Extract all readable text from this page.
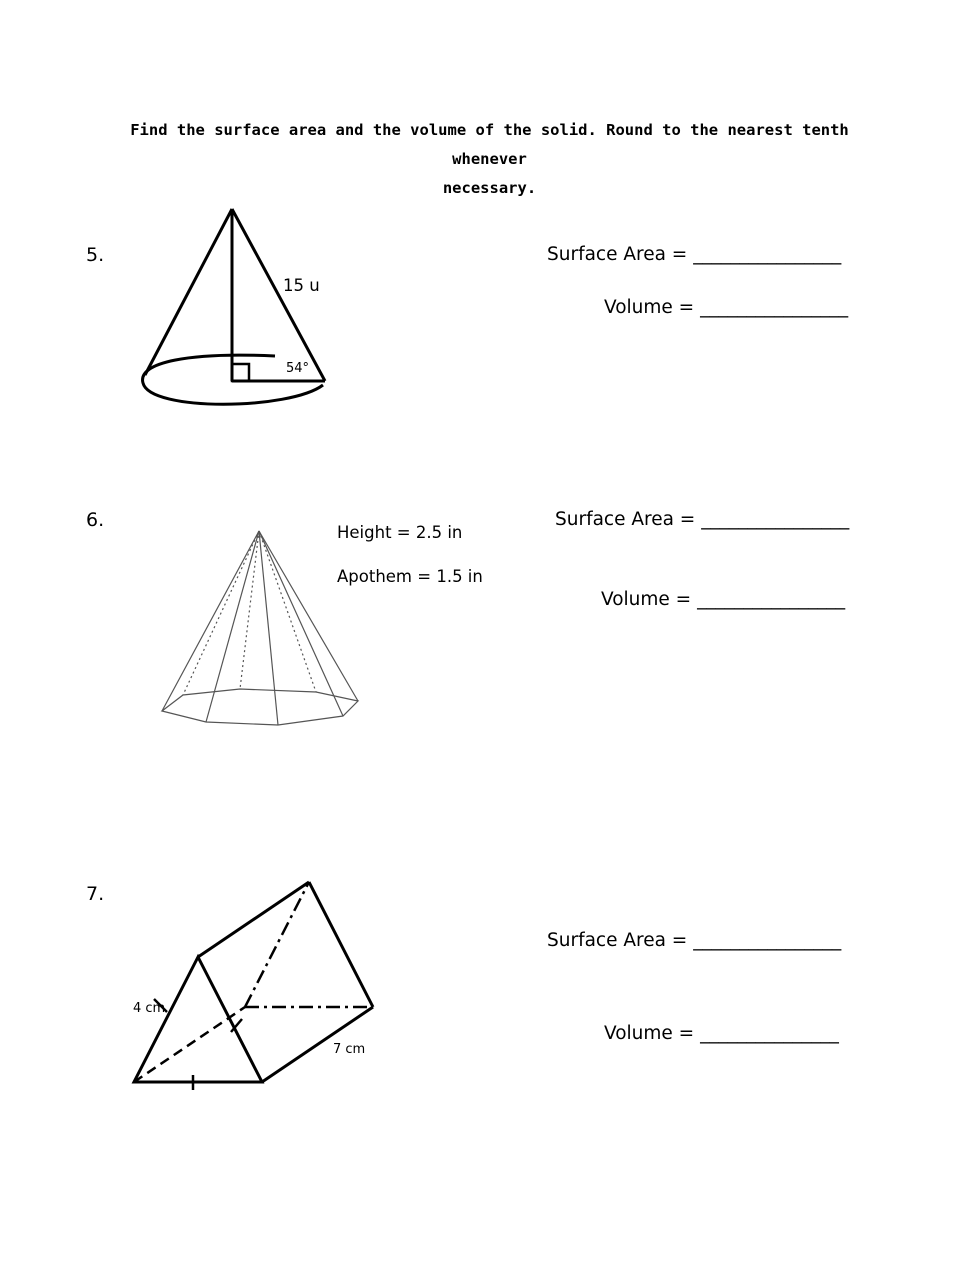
Find the surface area and the volume of the solid. Round to the nearest tenth whenever
necessary.
5.
15 u
54°
Surface Area = ________________
Volume = ________________
6.
Height = 2.5 in
Apothem = 1.5 in
Surface Area = ________________
Volume = ________________
7.
4 cm
7 cm
Surface Area = ________________
Volume = _______________
